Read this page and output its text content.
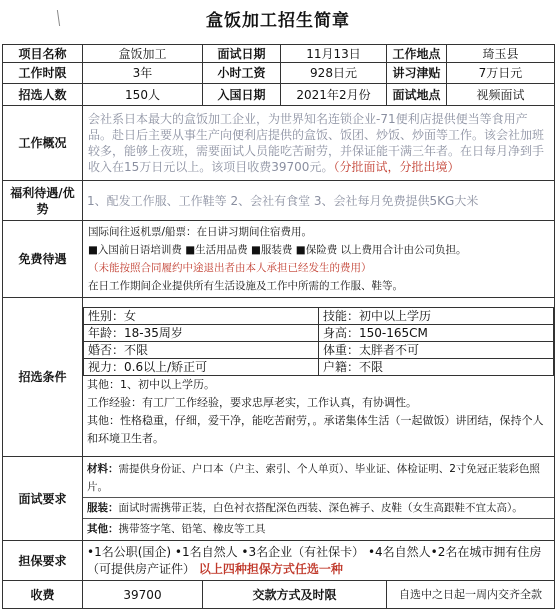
盒饭加工招生简章
项目名称	盒饭加工	面试日期	11月13日	工作地点	琦玉县
工作时限	3年	小时工资	928日元	讲习津贴	7万日元
招选人数	150人	入国日期	2021年2月份	面试地点	视频面试
工作概况	会社系日本最大的盒饭加工企业，为世界知名连锁企业-71便利店提供便当等食用产品。赴日后主要从事生产向便利店提供的盒饭、饭团、炒饭、炒面等工作。该会社加班较多，能够上夜班，需要面试人员能吃苦耐劳，并保证能干满三年者。在日每月净到手收入在15万日元以上。该项目收费39700元。（分批面试，分批出境）
福利待遇/优势	1、配发工作服、工作鞋等 2、会社有食堂 3、会社每月免费提供5KG大米
免费待遇	
国际间往返机票/船票：在日讲习期间住宿费用。
■入国前日语培训费 ■生活用品费 ■服装费 ■保险费 以上费用合计由公司负担。
（未能按照合同履约中途退出者由本人承担已经发生的费用）
在日工作期间企业提供所有生活设施及工作中所需的工作服、鞋等。

招选条件	
性别：女	技能：初中以上学历
年龄：18-35周岁	身高：150-165CM
婚否：不限	体重：太胖者不可
视力：0.6以上/矫正可	户籍：不限
其他：1、初中以上学历。
工作经验：有工厂工作经验，要求忠厚老实，工作认真，有协调性。
其他：性格稳重，仔细，爱干净，能吃苦耐劳，。承诺集体生活（一起做饭）讲团结，保持个人和环境卫生者。

面试要求	
材料：需提供身份证、户口本（户主、索引、个人单页）、毕业证、体检证明、2寸免冠正装彩色照片。
服装：面试时需携带正装，白色衬衣搭配深色西装、深色裤子、皮鞋（女生高跟鞋不宜太高）。
其他：携带签字笔、铅笔、橡皮等工具

担保要求	•1名公职(国企) •1名自然人 •3名企业（有社保卡） •4名自然人•2名在城市拥有住房（可提供房产证件） 以上四种担保方式任选一种
收费	39700	交款方式及时限	自选中之日起一周内交齐全款
